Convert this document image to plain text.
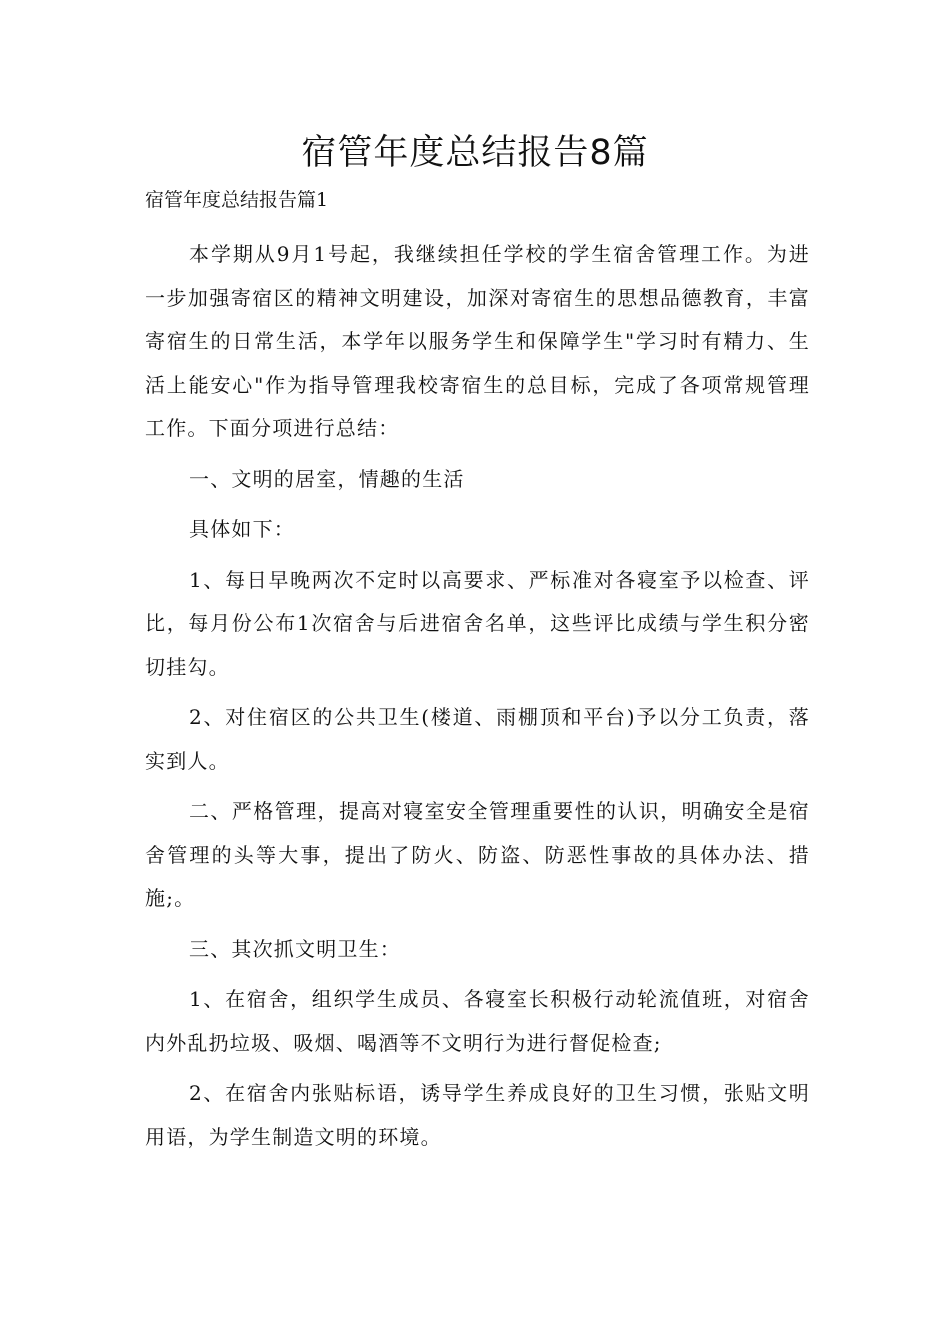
宿管年度总结报告8篇
宿管年度总结报告篇1

本学期从9月1号起，我继续担任学校的学生宿舍管理工作。为进一步加强寄宿区的精神文明建设，加深对寄宿生的思想品德教育，丰富寄宿生的日常生活，本学年以服务学生和保障学生"学习时有精力、生活上能安心"作为指导管理我校寄宿生的总目标，完成了各项常规管理工作。下面分项进行总结：

一、文明的居室，情趣的生活

具体如下：

1、每日早晚两次不定时以高要求、严标准对各寝室予以检查、评比，每月份公布1次宿舍与后进宿舍名单，这些评比成绩与学生积分密切挂勾。

2、对住宿区的公共卫生(楼道、雨棚顶和平台)予以分工负责，落实到人。

二、严格管理，提高对寝室安全管理重要性的认识，明确安全是宿舍管理的头等大事，提出了防火、防盗、防恶性事故的具体办法、措施;。

三、其次抓文明卫生：

1、在宿舍，组织学生成员、各寝室长积极行动轮流值班，对宿舍内外乱扔垃圾、吸烟、喝酒等不文明行为进行督促检查;

2、在宿舍内张贴标语，诱导学生养成良好的卫生习惯，张贴文明用语，为学生制造文明的环境。
